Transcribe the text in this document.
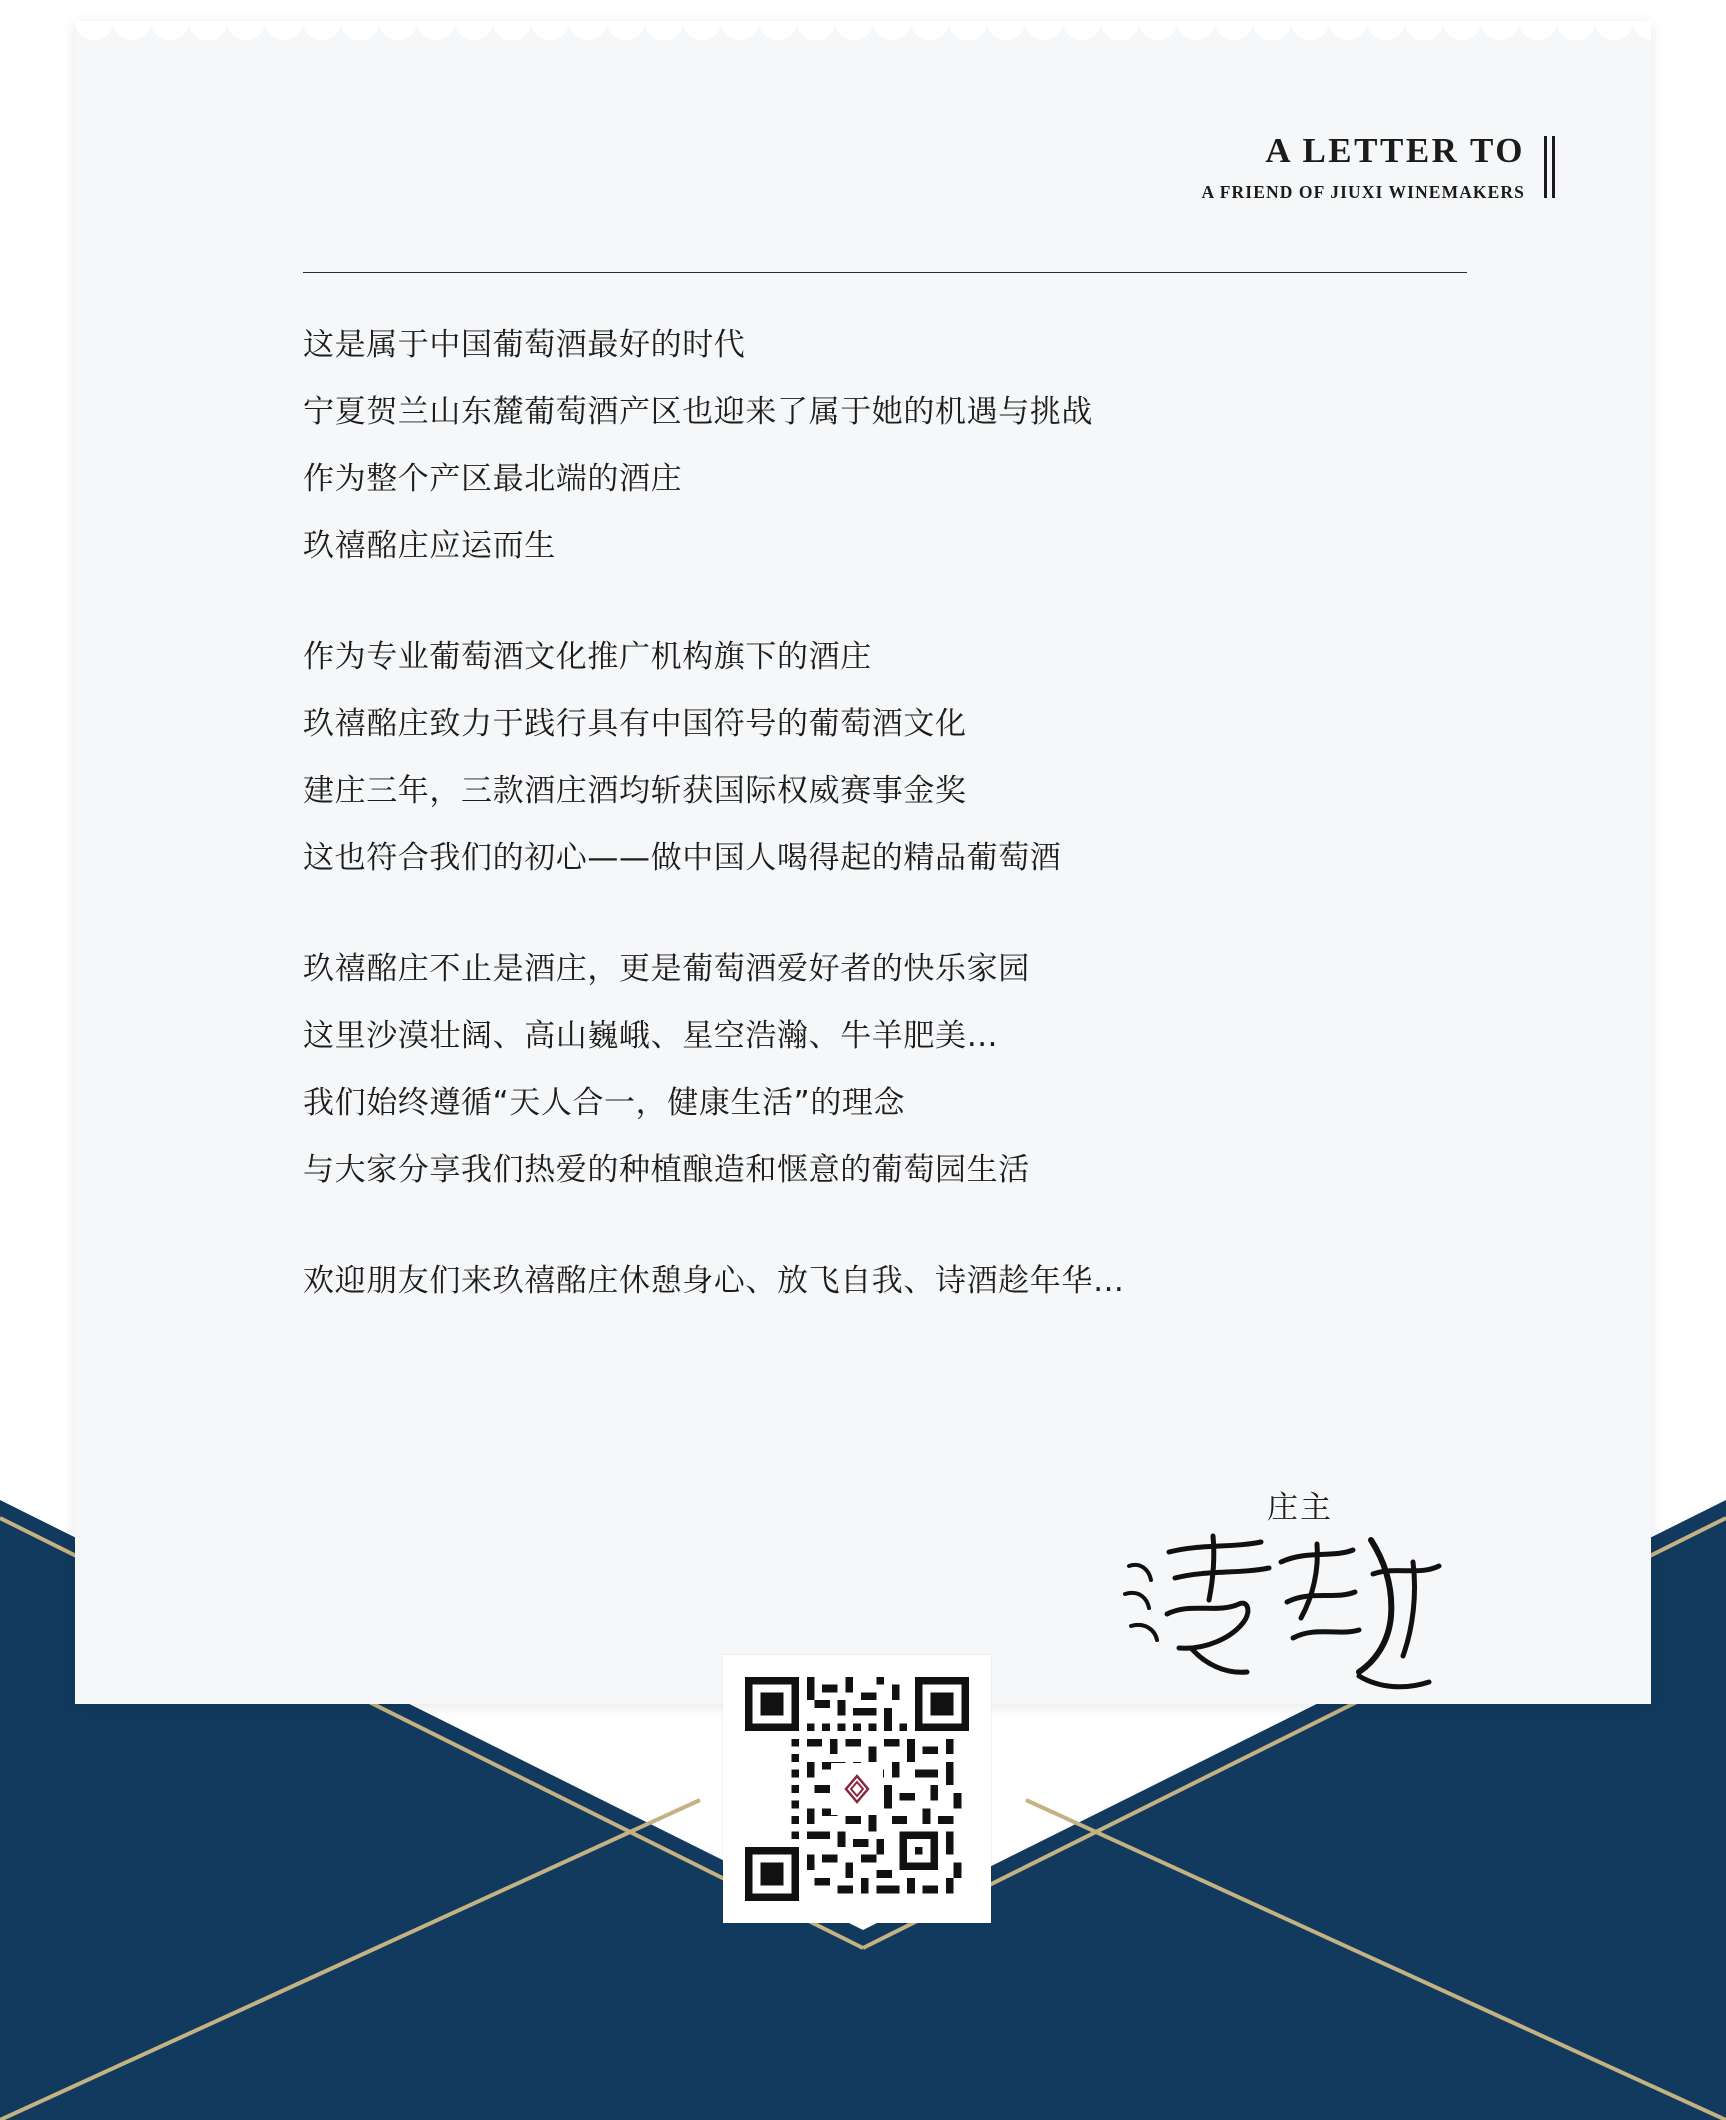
A LETTER TO
A FRIEND OF JIUXI WINEMAKERS
这是属于中国葡萄酒最好的时代
宁夏贺兰山东麓葡萄酒产区也迎来了属于她的机遇与挑战
作为整个产区最北端的酒庄
玖禧酩庄应运而生
作为专业葡萄酒文化推广机构旗下的酒庄
玖禧酩庄致力于践行具有中国符号的葡萄酒文化
建庄三年，三款酒庄酒均斩获国际权威赛事金奖
这也符合我们的初心——做中国人喝得起的精品葡萄酒
玖禧酩庄不止是酒庄，更是葡萄酒爱好者的快乐家园
这里沙漠壮阔、高山巍峨、星空浩瀚、牛羊肥美…
我们始终遵循“天人合一，健康生活”的理念
与大家分享我们热爱的种植酿造和惬意的葡萄园生活
欢迎朋友们来玖禧酩庄休憩身心、放飞自我、诗酒趁年华…
庄主
